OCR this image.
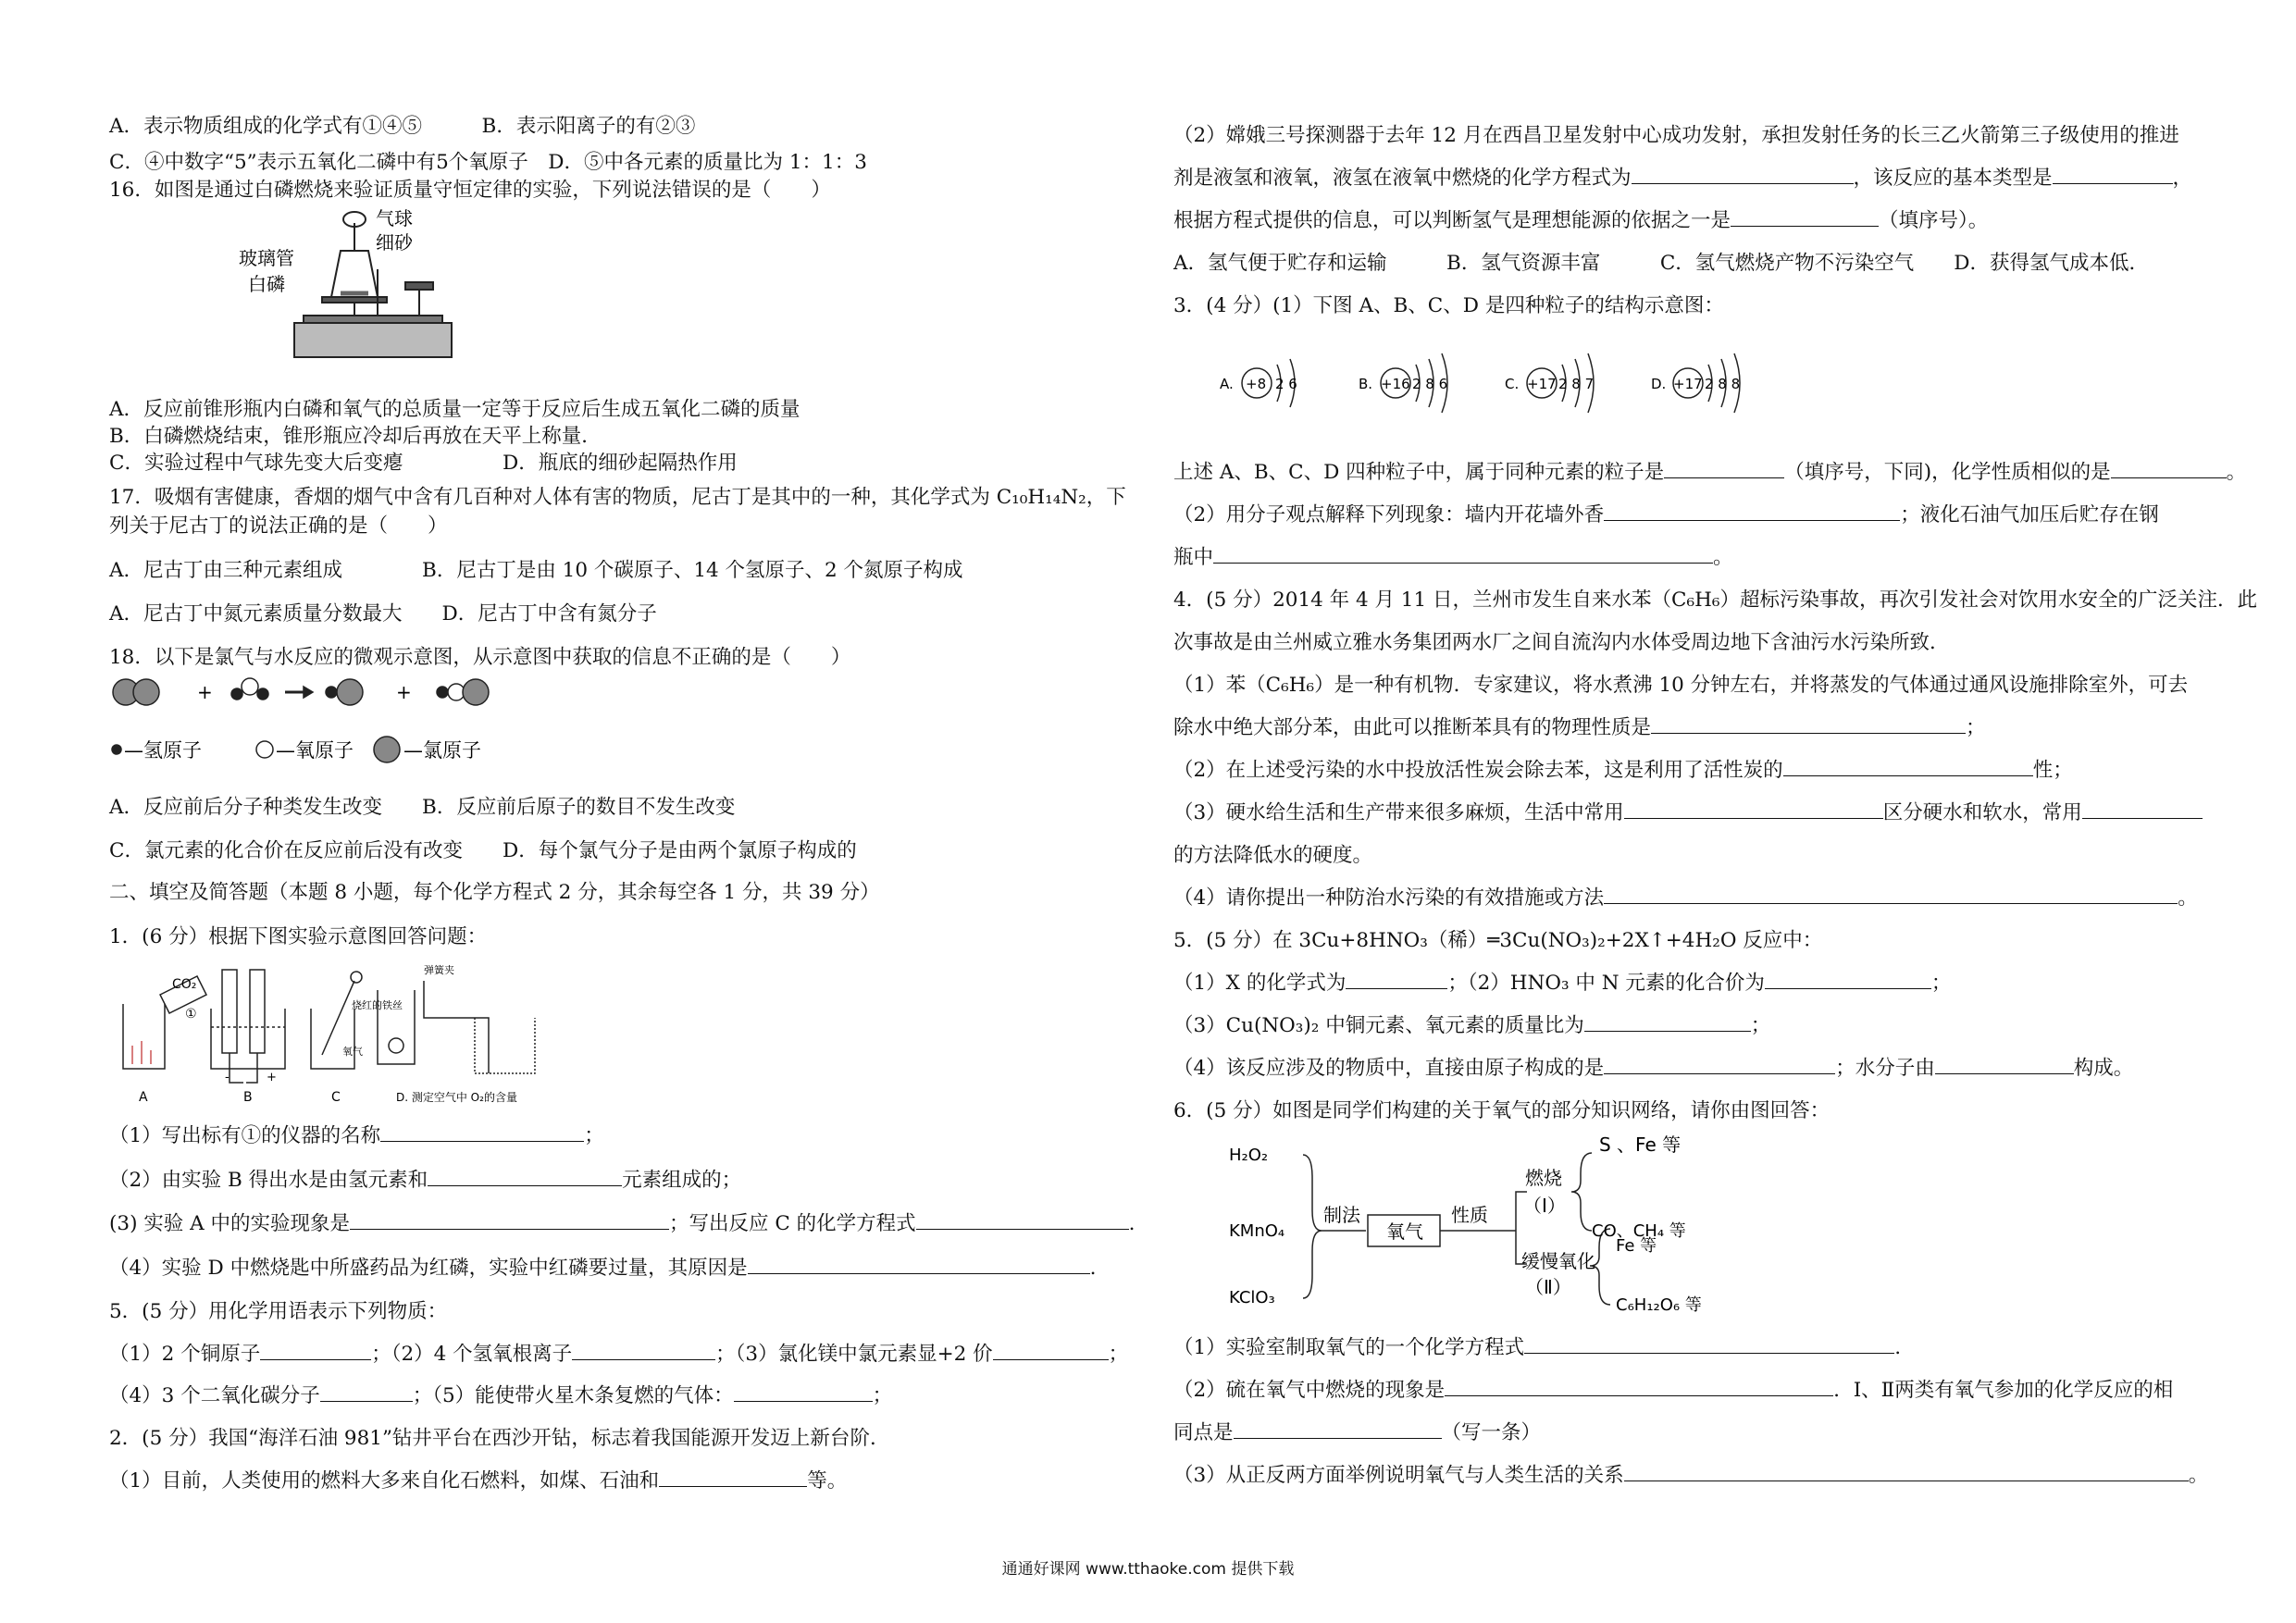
A．表示物质组成的化学式有①④⑤　　　B．表示阳离子的有②③
C．④中数字“5”表示五氧化二磷中有5个氧原子　D．⑤中各元素的质量比为 1：1：3
16．如图是通过白磷燃烧来验证质量守恒定律的实验，下列说法错误的是（　　）
气球
细砂
玻璃管
白磷
A．反应前锥形瓶内白磷和氧气的总质量一定等于反应后生成五氧化二磷的质量
B．白磷燃烧结束，锥形瓶应冷却后再放在天平上称量．
C．实验过程中气球先变大后变瘪　　　　　D．瓶底的细砂起隔热作用
17．吸烟有害健康，香烟的烟气中含有几百种对人体有害的物质，尼古丁是其中的一种，其化学式为 C₁₀H₁₄N₂，下
列关于尼古丁的说法正确的是（　　）
A．尼古丁由三种元素组成　　　　B．尼古丁是由 10 个碳原子、14 个氢原子、2 个氮原子构成
A．尼古丁中氮元素质量分数最大　　D．尼古丁中含有氮分子
18．以下是氯气与水反应的微观示意图，从示意图中获取的信息不正确的是（　　）
+	+
—氢原子	—氧原子	—氯原子
A．反应前后分子种类发生改变　　B．反应前后原子的数目不发生改变
C．氯元素的化合价在反应前后没有改变　　D．每个氯气分子是由两个氯原子构成的
二、填空及简答题（本题 8 小题，每个化学方程式 2 分，其余每空各 1 分，共 39 分）
1．(6 分）根据下图实验示意图回答问题：
CO₂
①
A	B
-	+
C
烧红的铁丝
氧气
弹簧夹
D. 测定空气中 O₂的含量
（1）写出标有①的仪器的名称	；
（2）由实验 B 得出水是由氢元素和	元素组成的；
(3) 实验 A 中的实验现象是	；写出反应 C 的化学方程式	.
（4）实验 D 中燃烧匙中所盛药品为红磷，实验中红磷要过量，其原因是	.
5．(5 分）用化学用语表示下列物质：
（1）2 个铜原子	；（2）4 个氢氧根离子	；（3）氯化镁中氯元素显+2 价	；
（4）3 个二氧化碳分子	；（5）能使带火星木条复燃的气体：	；
2．(5 分）我国“海洋石油 981”钻井平台在西沙开钻，标志着我国能源开发迈上新台阶．
（1）目前，人类使用的燃料大多来自化石燃料，如煤、石油和	等。
（2）嫦娥三号探测器于去年 12 月在西昌卫星发射中心成功发射，承担发射任务的长三乙火箭第三子级使用的推进
剂是液氢和液氧，液氢在液氧中燃烧的化学方程式为	，该反应的基本类型是	，
根据方程式提供的信息，可以判断氢气是理想能源的依据之一是	（填序号）。
A．氢气便于贮存和运输　　　B．氢气资源丰富　　　C．氢气燃烧产物不污染空气　　D．获得氢气成本低．
3．(4 分）(1）下图 A、B、C、D 是四种粒子的结构示意图：
A. +8 2 6	B. +16 2 8 6	C. +17 2 8 7	D. +17 2 8 8
上述 A、B、C、D 四种粒子中，属于同种元素的粒子是	（填序号，下同)，化学性质相似的是	。
（2）用分子观点解释下列现象：墙内开花墙外香	；液化石油气加压后贮存在钢
瓶中	。
4．(5 分）2014 年 4 月 11 日，兰州市发生自来水苯（C₆H₆）超标污染事故，再次引发社会对饮用水安全的广泛关注．此
次事故是由兰州威立雅水务集团两水厂之间自流沟内水体受周边地下含油污水污染所致．
（1）苯（C₆H₆）是一种有机物．专家建议，将水煮沸 10 分钟左右，并将蒸发的气体通过通风设施排除室外，可去
除水中绝大部分苯，由此可以推断苯具有的物理性质是	；
（2）在上述受污染的水中投放活性炭会除去苯，这是利用了活性炭的	性；
（3）硬水给生活和生产带来很多麻烦，生活中常用	区分硬水和软水，常用
的方法降低水的硬度。
（4）请你提出一种防治水污染的有效措施或方法	。
5．(5 分）在 3Cu+8HNO₃（稀）═3Cu(NO₃)₂+2X↑+4H₂O 反应中：
（1）X 的化学式为	；（2）HNO₃ 中 N 元素的化合价为	；
（3）Cu(NO₃)₂ 中铜元素、氧元素的质量比为	；
（4）该反应涉及的物质中，直接由原子构成的是	；水分子由	构成。
6．(5 分）如图是同学们构建的关于氧气的部分知识网络，请你由图回答：
H₂O₂
KMnO₄
KClO₃
制法
氧气
性质
燃烧
（Ⅰ）
S 、Fe 等
CO、CH₄ 等
缓慢氧化
（Ⅱ）
Fe 等
C₆H₁₂O₆ 等
（1）实验室制取氧气的一个化学方程式	.
（2）硫在氧气中燃烧的现象是	．Ⅰ、Ⅱ两类有氧气参加的化学反应的相
同点是	（写一条）
（3）从正反两方面举例说明氧气与人类生活的关系	。
通通好课网 www.tthaoke.com 提供下载
